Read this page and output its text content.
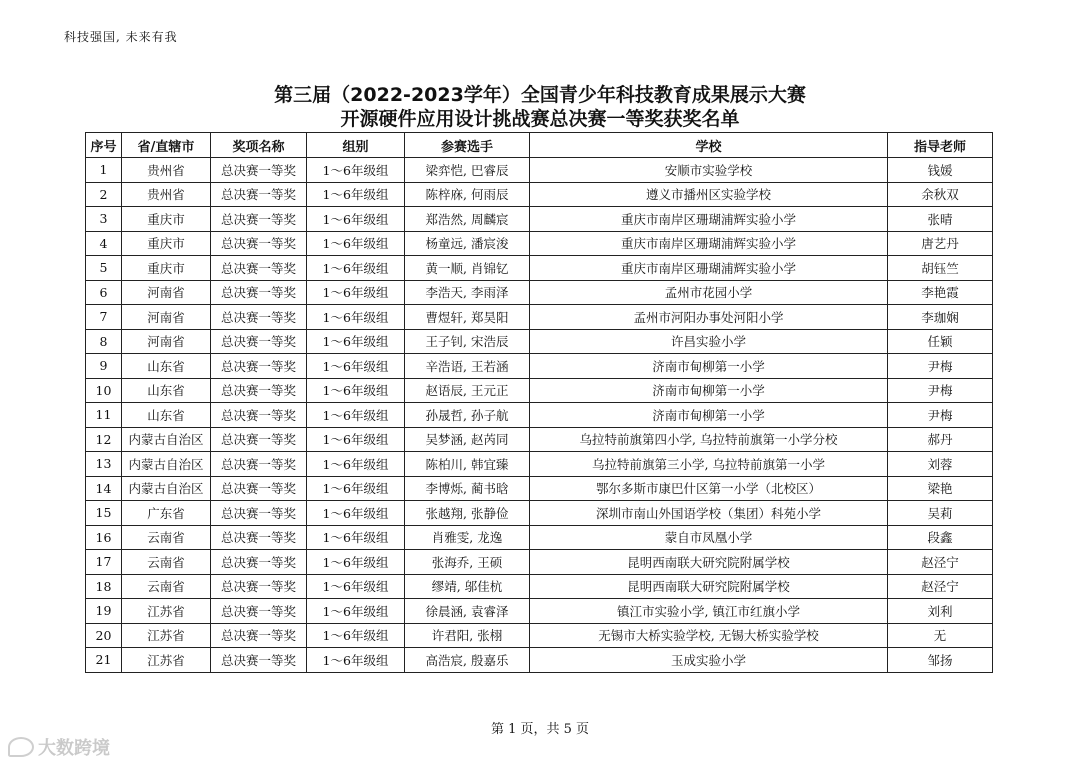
科技强国, 未来有我
第三届（2022-2023学年）全国青少年科技教育成果展示大赛
开源硬件应用设计挑战赛总决赛一等奖获奖名单
序号	省/直辖市	奖项名称	组别	参赛选手	学校	指导老师
1	贵州省	总决赛一等奖	1～6年级组	梁弈恺, 巴睿辰	安顺市实验学校	钱媛
2	贵州省	总决赛一等奖	1～6年级组	陈梓庥, 何雨辰	遵义市播州区实验学校	余秋双
3	重庆市	总决赛一等奖	1～6年级组	郑浩然, 周麟宸	重庆市南岸区珊瑚浦辉实验小学	张晴
4	重庆市	总决赛一等奖	1～6年级组	杨童远, 潘宸浚	重庆市南岸区珊瑚浦辉实验小学	唐艺丹
5	重庆市	总决赛一等奖	1～6年级组	黄一顺, 肖锦钇	重庆市南岸区珊瑚浦辉实验小学	胡钰竺
6	河南省	总决赛一等奖	1～6年级组	李浩天, 李雨泽	孟州市花园小学	李艳霞
7	河南省	总决赛一等奖	1～6年级组	曹煜轩, 郑昊阳	孟州市河阳办事处河阳小学	李珈娴
8	河南省	总决赛一等奖	1～6年级组	王子钊, 宋浩辰	许昌实验小学	任颖
9	山东省	总决赛一等奖	1～6年级组	辛浩语, 王若涵	济南市甸柳第一小学	尹梅
10	山东省	总决赛一等奖	1～6年级组	赵语辰, 王元正	济南市甸柳第一小学	尹梅
11	山东省	总决赛一等奖	1～6年级组	孙晟哲, 孙子航	济南市甸柳第一小学	尹梅
12	内蒙古自治区	总决赛一等奖	1～6年级组	吴梦涵, 赵芮同	乌拉特前旗第四小学, 乌拉特前旗第一小学分校	郝丹
13	内蒙古自治区	总决赛一等奖	1～6年级组	陈柏川, 韩宜臻	乌拉特前旗第三小学, 乌拉特前旗第一小学	刘蓉
14	内蒙古自治区	总决赛一等奖	1～6年级组	李博烁, 蔺书晗	鄂尔多斯市康巴什区第一小学（北校区）	梁艳
15	广东省	总决赛一等奖	1～6年级组	张越翔, 张静俭	深圳市南山外国语学校（集团）科苑小学	吴莉
16	云南省	总决赛一等奖	1～6年级组	肖雅雯, 龙逸	蒙自市凤凰小学	段鑫
17	云南省	总决赛一等奖	1～6年级组	张海乔, 王硕	昆明西南联大研究院附属学校	赵泾宁
18	云南省	总决赛一等奖	1～6年级组	缪靖, 邬佳杭	昆明西南联大研究院附属学校	赵泾宁
19	江苏省	总决赛一等奖	1～6年级组	徐晨涵, 袁睿泽	镇江市实验小学, 镇江市红旗小学	刘利
20	江苏省	总决赛一等奖	1～6年级组	许君阳, 张栩	无锡市大桥实验学校, 无锡大桥实验学校	无
21	江苏省	总决赛一等奖	1～6年级组	高浩宸, 殷嘉乐	玉成实验小学	邹扬
第 1 页，共 5 页
大数跨境
